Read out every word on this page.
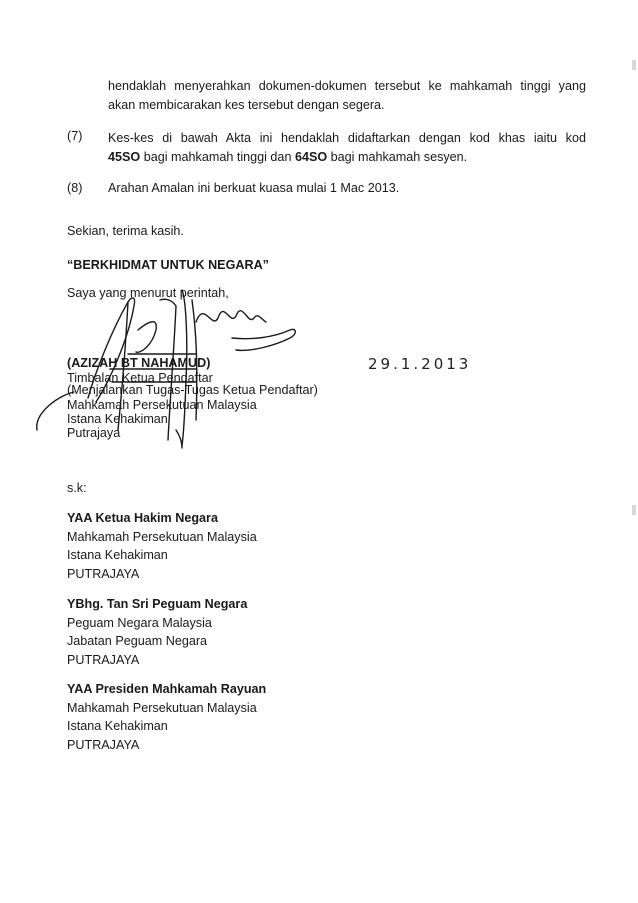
hendaklah menyerahkan dokumen-dokumen tersebut ke mahkamah tinggi yang
akan membicarakan kes tersebut dengan segera.
(7) Kes-kes di bawah Akta ini hendaklah didaftarkan dengan kod khas iaitu kod
45SO bagi mahkamah tinggi dan 64SO bagi mahkamah sesyen.
(8) Arahan Amalan ini berkuat kuasa mulai 1 Mac 2013.
Sekian, terima kasih.
“BERKHIDMAT UNTUK NEGARA”
Saya yang menurut perintah,
(AZIZAH BT NAHAMUD)
Timbalan Ketua Pendaftar
(Menjalankan Tugas-Tugas Ketua Pendaftar)
Mahkamah Persekutuan Malaysia
Istana Kehakiman
Putrajaya
29.1.2013
s.k:
YAA Ketua Hakim Negara
Mahkamah Persekutuan Malaysia
Istana Kehakiman
PUTRAJAYA
YBhg. Tan Sri Peguam Negara
Peguam Negara Malaysia
Jabatan Peguam Negara
PUTRAJAYA
YAA Presiden Mahkamah Rayuan
Mahkamah Persekutuan Malaysia
Istana Kehakiman
PUTRAJAYA
